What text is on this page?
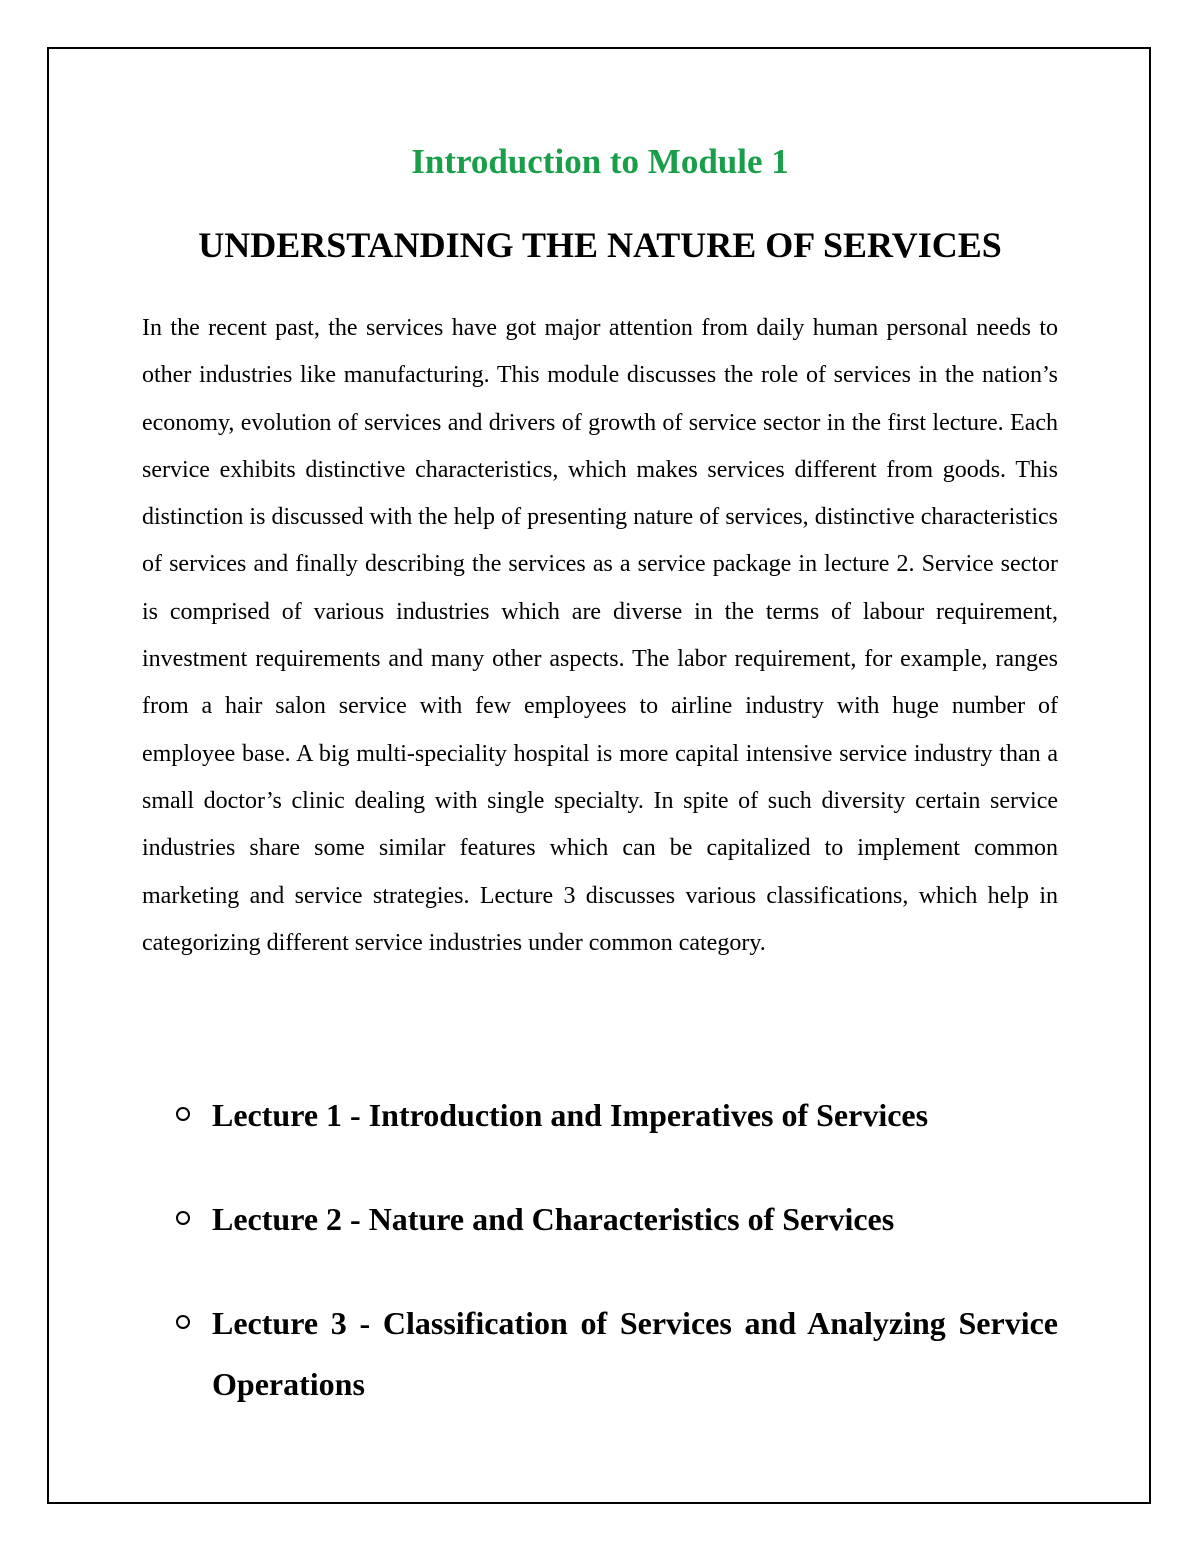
Introduction to Module 1
UNDERSTANDING THE NATURE OF SERVICES

In the recent past, the services have got major attention from daily human personal needs to other industries like manufacturing. This module discusses the role of services in the nation’s economy, evolution of services and drivers of growth of service sector in the first lecture. Each service exhibits distinctive characteristics, which makes services different from goods. This distinction is discussed with the help of presenting nature of services, distinctive characteristics of services and finally describing the services as a service package in lecture 2. Service sector is comprised of various industries which are diverse in the terms of labour requirement, investment requirements and many other aspects. The labor requirement, for example, ranges from a hair salon service with few employees to airline industry with huge number of employee base. A big multi-speciality hospital is more capital intensive service industry than a small doctor’s clinic dealing with single specialty. In spite of such diversity certain service industries share some similar features which can be capitalized to implement common marketing and service strategies. Lecture 3 discusses various classifications, which help in categorizing different service industries under common category.

Lecture 1 - Introduction and Imperatives of Services
Lecture 2 - Nature and Characteristics of Services
Lecture 3 - Classification of Services and Analyzing Service Operations
